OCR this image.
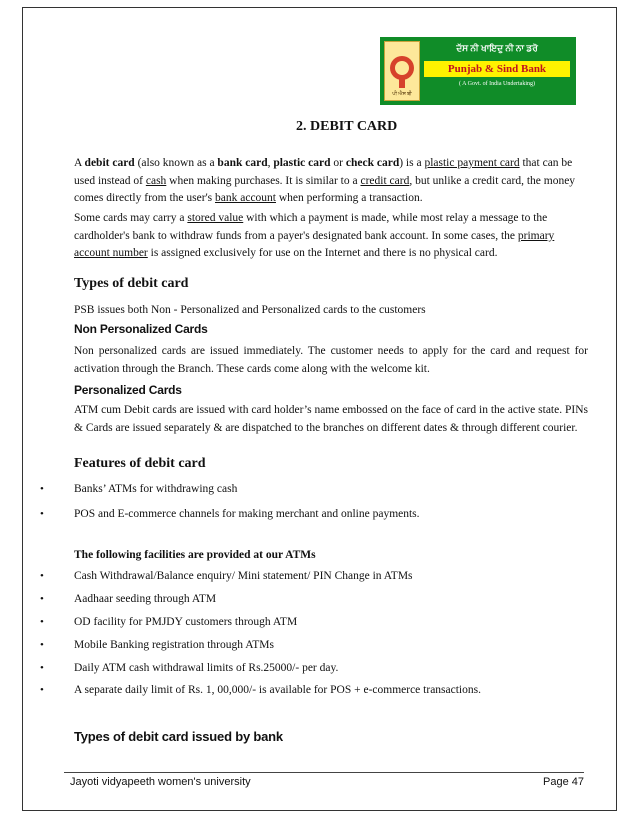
ਪੀ ਐਸ ਬੀ
ਦੱਸ ਨੀ ਖਾਇਦੁ ਨੀ ਨਾ ਡਰੋ
Punjab & Sind Bank
( A Govt. of India Undertaking)
2. DEBIT CARD
A debit card (also known as a bank card, plastic card or check card) is a plastic payment card that can be used instead of cash when making purchases. It is similar to a credit card, but unlike a credit card, the money comes directly from the user's bank account when performing a transaction.
Some cards may carry a stored value with which a payment is made, while most relay a message to the cardholder's bank to withdraw funds from a payer's designated bank account. In some cases, the primary account number is assigned exclusively for use on the Internet and there is no physical card.
Types of debit card
PSB issues both Non - Personalized and Personalized cards to the customers
Non Personalized Cards
Non personalized cards are issued immediately. The customer needs to apply for the card and request for activation through the Branch. These cards come along with the welcome kit.
Personalized Cards
ATM cum Debit cards are issued with card holder’s name embossed on the face of card in the active state. PINs & Cards are issued separately & are dispatched to the branches on different dates & through different courier.
Features of debit card
•	Banks’ ATMs for withdrawing cash
•	POS and E-commerce channels for making merchant and online payments.
The following facilities are provided at our ATMs
•	Cash Withdrawal/Balance enquiry/ Mini statement/ PIN Change in ATMs
•	Aadhaar seeding through ATM
•	OD facility for PMJDY customers through ATM
•	Mobile Banking registration through ATMs
•	Daily ATM cash withdrawal limits of Rs.25000/- per day.
•	A separate daily limit of Rs. 1, 00,000/- is available for POS + e-commerce transactions.
Types of debit card issued by bank
Jayoti vidyapeeth women's university	Page 47
